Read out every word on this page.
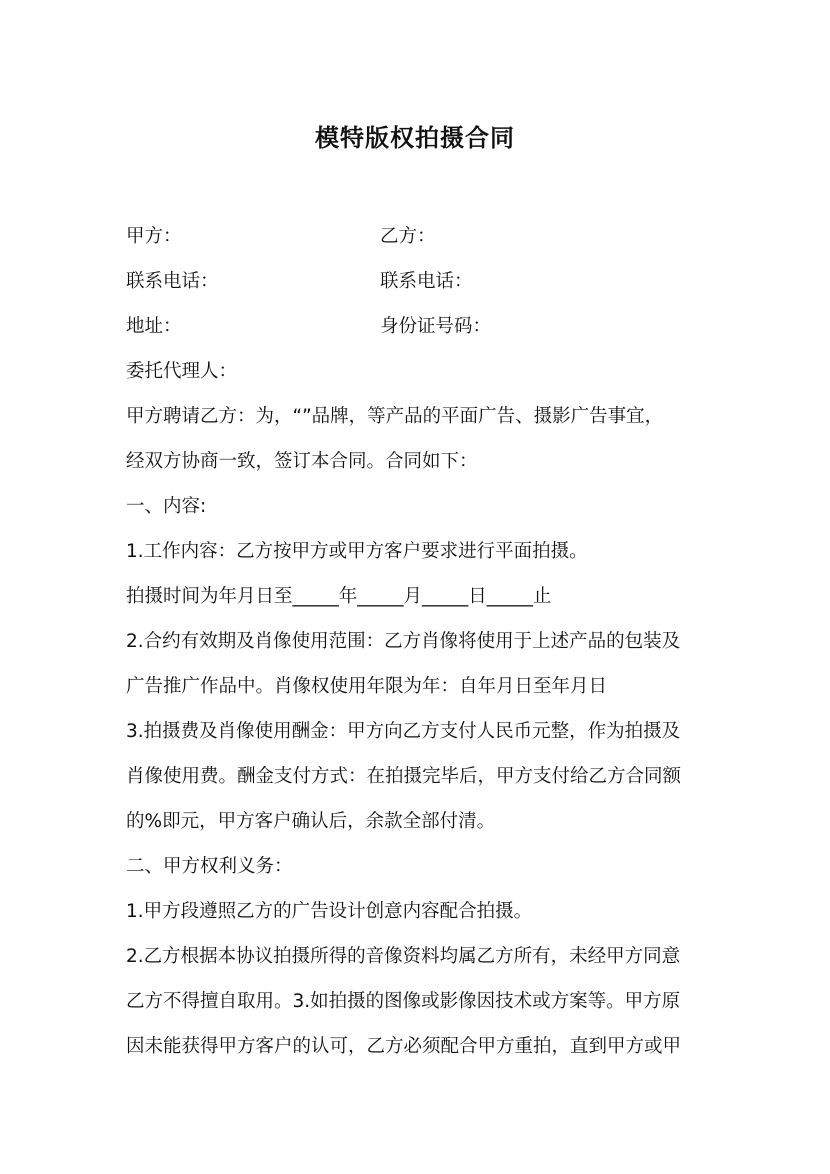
模特版权拍摄合同
甲方：	乙方：
联系电话：	联系电话：
地址：	身份证号码：

委托代理人：

甲方聘请乙方：为，“”品牌，等产品的平面广告、摄影广告事宜，

经双方协商一致，签订本合同。合同如下：

一、内容:

1.工作内容：乙方按甲方或甲方客户要求进行平面拍摄。

拍摄时间为年月日至_____年_____月_____日_____止

2.合约有效期及肖像使用范围：乙方肖像将使用于上述产品的包装及

广告推广作品中。肖像权使用年限为年：自年月日至年月日

3.拍摄费及肖像使用酬金：甲方向乙方支付人民币元整，作为拍摄及

肖像使用费。酬金支付方式：在拍摄完毕后，甲方支付给乙方合同额

的%即元，甲方客户确认后，余款全部付清。

二、甲方权利义务：

1.甲方段遵照乙方的广告设计创意内容配合拍摄。

2.乙方根据本协议拍摄所得的音像资料均属乙方所有，未经甲方同意

乙方不得擅自取用。3.如拍摄的图像或影像因技术或方案等。甲方原

因未能获得甲方客户的认可，乙方必须配合甲方重拍，直到甲方或甲
